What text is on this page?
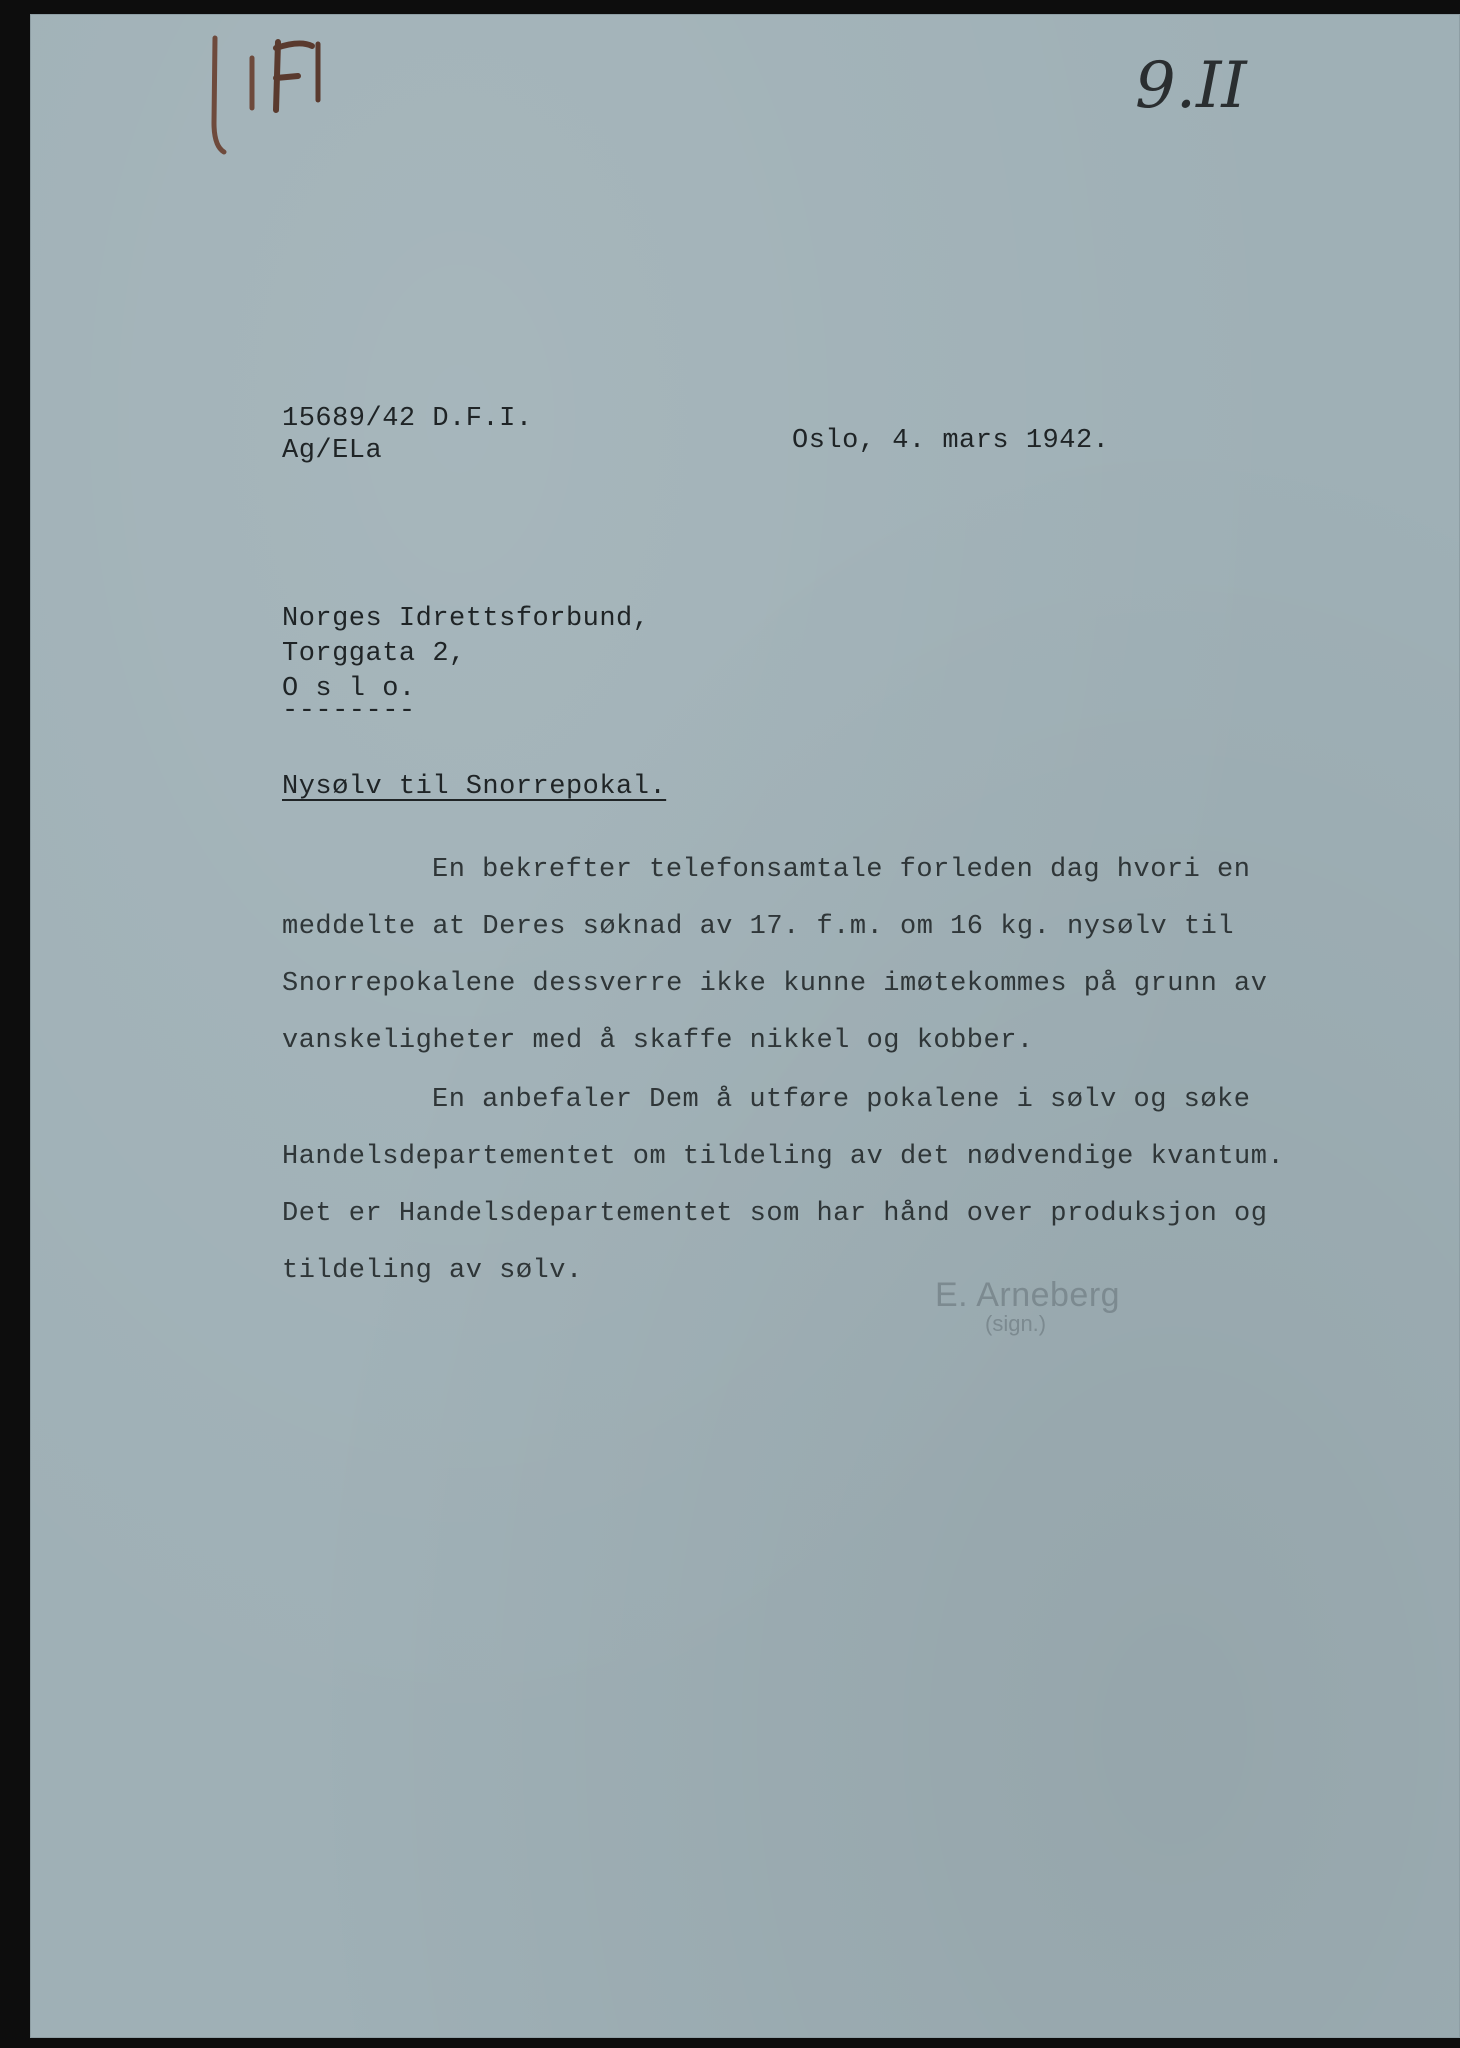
9.II
15689/42 D.F.I.
Ag/ELa	Oslo, 4. mars 1942.
Norges Idrettsforbund,
Torggata 2,
O s l o.
--------
Nysølv til Snorrepokal.
En bekrefter telefonsamtale forleden dag hvori en
meddelte at Deres søknad av 17. f.m. om 16 kg. nysølv til
Snorrepokalene dessverre ikke kunne imøtekommes på grunn av
vanskeligheter med å skaffe nikkel og kobber.
En anbefaler Dem å utføre pokalene i sølv og søke
Handelsdepartementet om tildeling av det nødvendige kvantum.
Det er Handelsdepartementet som har hånd over produksjon og
tildeling av sølv.
E. Arneberg
(sign.)
